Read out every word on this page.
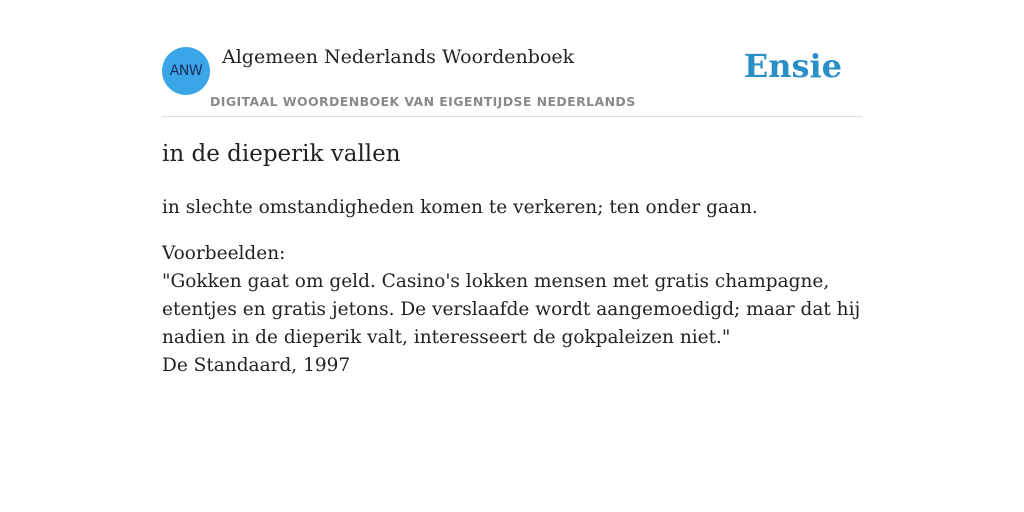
ANW
Algemeen Nederlands Woordenboek
DIGITAAL WOORDENBOEK VAN EIGENTIJDSE NEDERLANDS
Ensie
in de dieperik vallen

in slechte omstandigheden komen te verkeren; ten onder gaan.

Voorbeelden:
"Gokken gaat om geld. Casino's lokken mensen met gratis champagne, etentjes en gratis jetons. De verslaafde wordt aangemoedigd; maar dat hij nadien in de dieperik valt, interesseert de gokpaleizen niet."
De Standaard, 1997
